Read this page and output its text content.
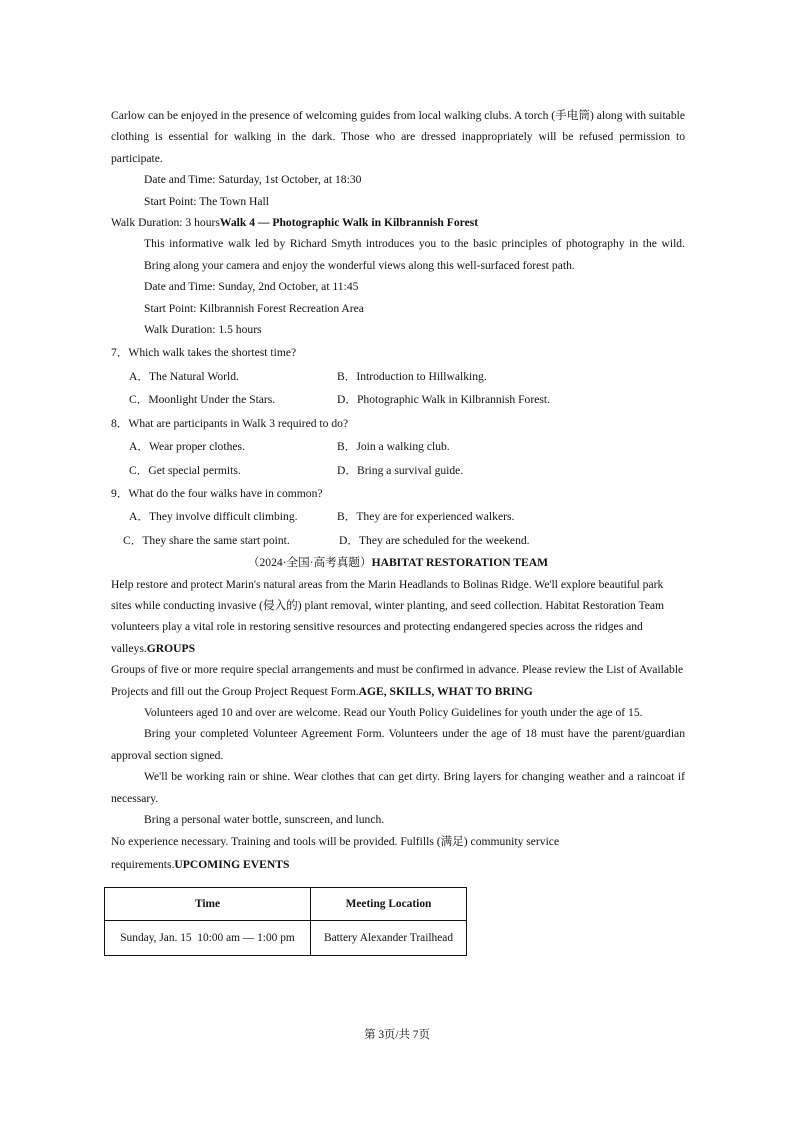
Carlow can be enjoyed in the presence of welcoming guides from local walking clubs. A torch (手电筒) along with suitable clothing is essential for walking in the dark. Those who are dressed inappropriately will be refused permission to participate.

Date and Time: Saturday, 1st October, at 18:30

Start Point: The Town Hall

Walk Duration: 3 hoursWalk 4 — Photographic Walk in Kilbrannish Forest

This informative walk led by Richard Smyth introduces you to the basic principles of photography in the wild. Bring along your camera and enjoy the wonderful views along this well-surfaced forest path.

Date and Time: Sunday, 2nd October, at 11:45

Start Point: Kilbrannish Forest Recreation Area

Walk Duration: 1.5 hours

7．Which walk takes the shortest time?

A．The Natural World.	B．Introduction to Hillwalking.
C．Moonlight Under the Stars.	D．Photographic Walk in Kilbrannish Forest.

8．What are participants in Walk 3 required to do?

A．Wear proper clothes.	B．Join a walking club.
C．Get special permits.	D．Bring a survival guide.

9．What do the four walks have in common?

A．They involve difficult climbing.	B．They are for experienced walkers.
C．They share the same start point.	D．They are scheduled for the weekend.

（2024·全国·高考真题）HABITAT RESTORATION TEAM

Help restore and protect Marin's natural areas from the Marin Headlands to Bolinas Ridge. We'll explore beautiful park sites while conducting invasive (侵入的) plant removal, winter planting, and seed collection. Habitat Restoration Team volunteers play a vital role in restoring sensitive resources and protecting endangered species across the ridges and valleys.GROUPS

Groups of five or more require special arrangements and must be confirmed in advance. Please review the List of Available Projects and fill out the Group Project Request Form.AGE, SKILLS, WHAT TO BRING

Volunteers aged 10 and over are welcome. Read our Youth Policy Guidelines for youth under the age of 15.

Bring your completed Volunteer Agreement Form. Volunteers under the age of 18 must have the parent/guardian approval section signed.

We'll be working rain or shine. Wear clothes that can get dirty. Bring layers for changing weather and a raincoat if necessary.

Bring a personal water bottle, sunscreen, and lunch.

No experience necessary. Training and tools will be provided. Fulfills (满足) community service

requirements.UPCOMING EVENTS

Time	Meeting Location
Sunday, Jan. 15  10:00 am — 1:00 pm	Battery Alexander Trailhead
第 3页/共 7页
